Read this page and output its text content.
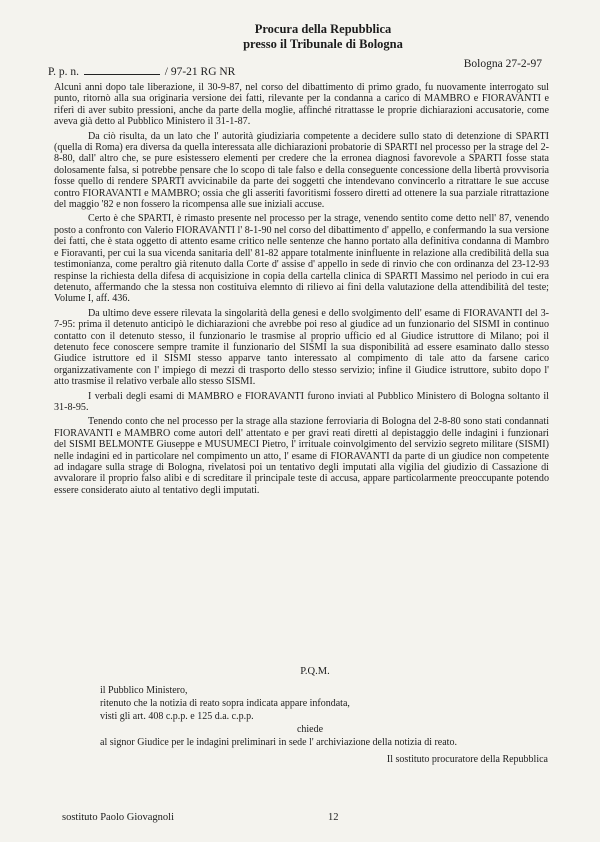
Procura della Repubblica
presso il Tribunale di Bologna
P. p. n.	/ 97-21 RG NR
Bologna 27-2-97

Alcuni anni dopo tale liberazione, il 30-9-87, nel corso del dibattimento di primo grado, fu nuovamente interrogato sul punto, ritornò alla sua originaria versione dei fatti, rilevante per la condanna a carico di MAMBRO e FIORAVANTI e riferì di aver subito pressioni, anche da parte della moglie, affinché ritrattasse le proprie dichiarazioni accusatorie, come aveva già detto al Pubblico Ministero il 31-1-87.

Da ciò risulta, da un lato che l' autorità giudiziaria competente a decidere sullo stato di detenzione di SPARTI (quella di Roma) era diversa da quella interessata alle dichiarazioni probatorie di SPARTI nel processo per la strage del 2-8-80, dall' altro che, se pure esistessero elementi per credere che la erronea diagnosi favorevole a SPARTI fosse stata dolosamente falsa, si potrebbe pensare che lo scopo di tale falso e della conseguente concessione della libertà provvisoria fosse quello di rendere SPARTI avvicinabile da parte dei soggetti che intendevano convincerlo a ritrattare le sue accuse contro FIORAVANTI e MAMBRO; ossia che gli asseriti favoritismi fossero diretti ad ottenere la sua parziale ritrattazione del maggio '82 e non fossero la ricompensa alle sue iniziali accuse.

Certo è che SPARTI, è rimasto presente nel processo per la strage, venendo sentito come detto nell' 87, venendo posto a confronto con Valerio FIORAVANTI l' 8-1-90 nel corso del dibattimento d' appello, e confermando la sua versione dei fatti, che è stata oggetto di attento esame critico nelle sentenze che hanno portato alla definitiva condanna di Mambro e Fioravanti, per cui la sua vicenda sanitaria dell' 81-82 appare totalmente ininfluente in relazione alla credibilità della sua testimonianza, come peraltro già ritenuto dalla Corte d' assise d' appello in sede di rinvio che con ordinanza del 23-12-93 respinse la richiesta della difesa di acquisizione in copia della cartella clinica di SPARTI Massimo nel periodo in cui era detenuto, affermando che la stessa non costituiva elemnto di rilievo ai fini della valutazione della attendibilità del teste; Volume I, aff. 436.

Da ultimo deve essere rilevata la singolarità della genesi e dello svolgimento dell' esame di FIORAVANTI del 3-7-95: prima il detenuto anticipò le dichiarazioni che avrebbe poi reso al giudice ad un funzionario del SISMI in continuo contatto con il detenuto stesso, il funzionario le trasmise al proprio ufficio ed al Giudice istruttore di Milano; poi il detenuto fece conoscere sempre tramite il funzionario del SISMI la sua disponibilità ad essere esaminato dallo stesso Giudice istruttore ed il SISMI stesso apparve tanto interessato al compimento di tale atto da farsene carico organizzativamente con l' impiego di mezzi di trasporto dello stesso servizio; infine il Giudice istruttore, subito dopo l' atto trasmise il relativo verbale allo stesso SISMI.

I verbali degli esami di MAMBRO e FIORAVANTI furono inviati al Pubblico Ministero di Bologna soltanto il 31-8-95.

Tenendo conto che nel processo per la strage alla stazione ferroviaria di Bologna del 2-8-80 sono stati condannati FIORAVANTI e MAMBRO come autori dell' attentato e per gravi reati diretti al depistaggio delle indagini i funzionari del SISMI BELMONTE Giuseppe e MUSUMECI Pietro, l' irrituale coinvolgimento del servizio segreto militare (SISMI) nelle indagini ed in particolare nel compimento un atto, l' esame di FIORAVANTI da parte di un giudice non competente ad indagare sulla strage di Bologna, rivelatosi poi un tentativo degli imputati alla vigilia del giudizio di Cassazione di avvalorare il proprio falso alibi e di screditare il principale teste di accusa, appare particolarmente preoccupante potendo essere considerato aiuto al tentativo degli imputati.

P.Q.M.
il Pubblico Ministero,
ritenuto che la notizia di reato sopra indicata appare infondata,
visti gli art. 408 c.p.p. e 125 d.a. c.p.p.
chiede
al signor Giudice per le indagini preliminari in sede l' archiviazione della notizia di reato.
Il sostituto procuratore della Repubblica
sostituto Paolo Giovagnoli	12
